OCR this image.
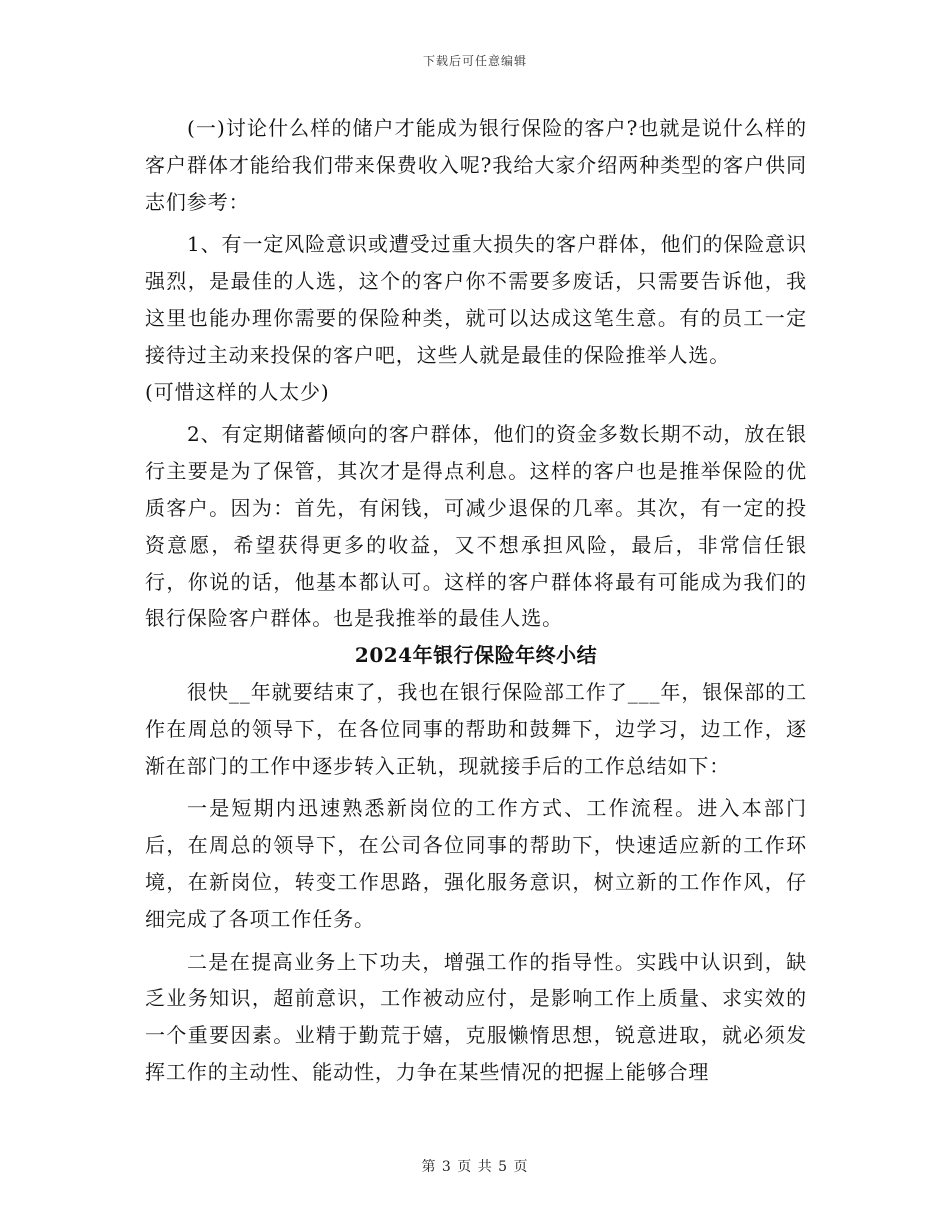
下载后可任意编辑

(一)讨论什么样的储户才能成为银行保险的客户?也就是说什么样的客户群体才能给我们带来保费收入呢?我给大家介绍两种类型的客户供同志们参考：

1、有一定风险意识或遭受过重大损失的客户群体，他们的保险意识强烈，是最佳的人选，这个的客户你不需要多废话，只需要告诉他，我这里也能办理你需要的保险种类，就可以达成这笔生意。有的员工一定接待过主动来投保的客户吧，这些人就是最佳的保险推举人选。

(可惜这样的人太少)

2、有定期储蓄倾向的客户群体，他们的资金多数长期不动，放在银行主要是为了保管，其次才是得点利息。这样的客户也是推举保险的优质客户。因为：首先，有闲钱，可减少退保的几率。其次，有一定的投资意愿，希望获得更多的收益，又不想承担风险，最后，非常信任银行，你说的话，他基本都认可。这样的客户群体将最有可能成为我们的银行保险客户群体。也是我推举的最佳人选。

2024年银行保险年终小结

很快__年就要结束了，我也在银行保险部工作了___年，银保部的工作在周总的领导下，在各位同事的帮助和鼓舞下，边学习，边工作，逐渐在部门的工作中逐步转入正轨，现就接手后的工作总结如下：

一是短期内迅速熟悉新岗位的工作方式、工作流程。进入本部门后，在周总的领导下，在公司各位同事的帮助下，快速适应新的工作环境，在新岗位，转变工作思路，强化服务意识，树立新的工作作风，仔细完成了各项工作任务。

二是在提高业务上下功夫，增强工作的指导性。实践中认识到，缺乏业务知识，超前意识，工作被动应付，是影响工作上质量、求实效的一个重要因素。业精于勤荒于嬉，克服懒惰思想，锐意进取，就必须发挥工作的主动性、能动性，力争在某些情况的把握上能够合理

第 3 页 共 5 页
